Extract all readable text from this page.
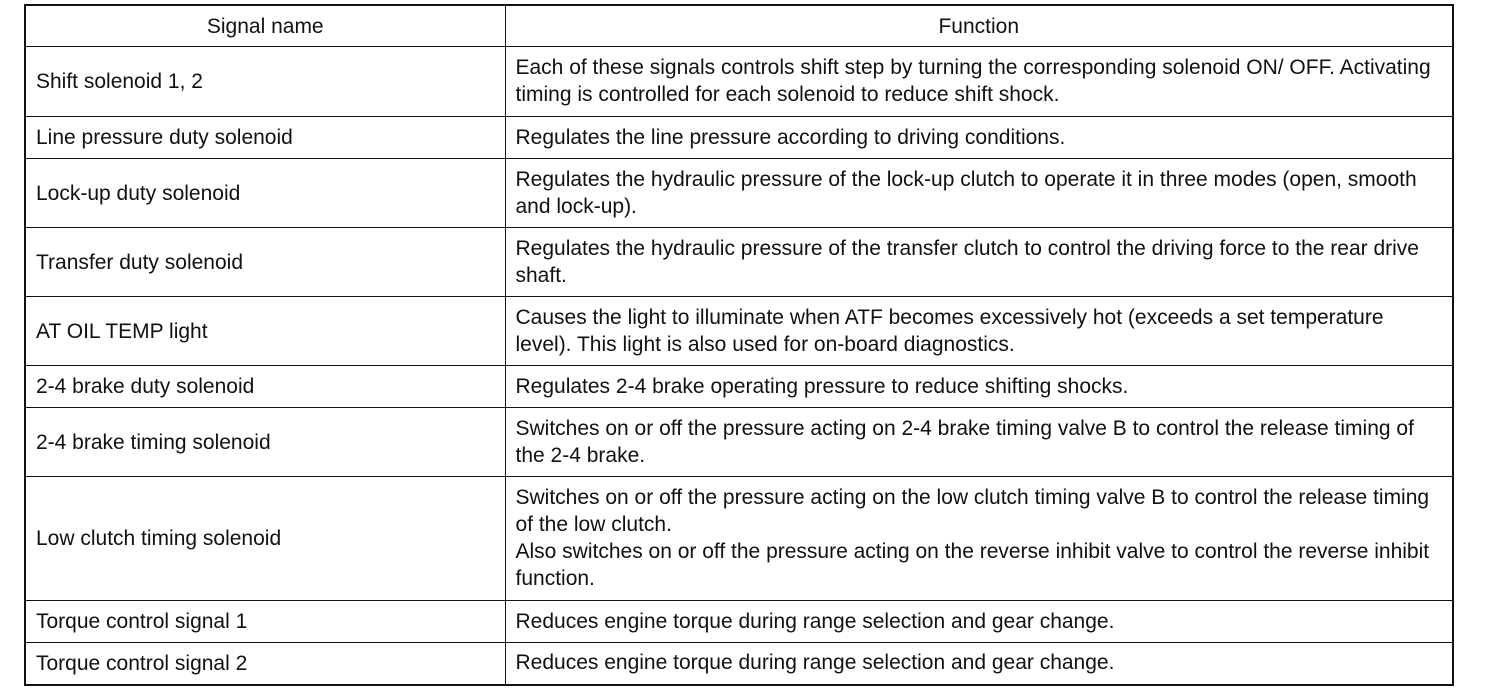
Signal name	Function
Shift solenoid 1, 2	Each of these signals controls shift step by turning the corresponding solenoid ON/ OFF. Activating timing is controlled for each solenoid to reduce shift shock.

Line pressure duty solenoid	Regulates the line pressure according to driving conditions.

Lock-up duty solenoid	Regulates the hydraulic pressure of the lock-up clutch to operate it in three modes (open, smooth and lock-up).

Transfer duty solenoid	Regulates the hydraulic pressure of the transfer clutch to control the driving force to the rear drive shaft.

AT OIL TEMP light	Causes the light to illuminate when ATF becomes excessively hot (exceeds a set temperature level). This light is also used for on-board diagnostics.

2-4 brake duty solenoid	Regulates 2-4 brake operating pressure to reduce shifting shocks.

2-4 brake timing solenoid	Switches on or off the pressure acting on 2-4 brake timing valve B to control the release timing of the 2-4 brake.

Low clutch timing solenoid	Switches on or off the pressure acting on the low clutch timing valve B to control the release timing of the low clutch.
Also switches on or off the pressure acting on the reverse inhibit valve to control the reverse inhibit function.

Torque control signal 1	Reduces engine torque during range selection and gear change.

Torque control signal 2	Reduces engine torque during range selection and gear change.
